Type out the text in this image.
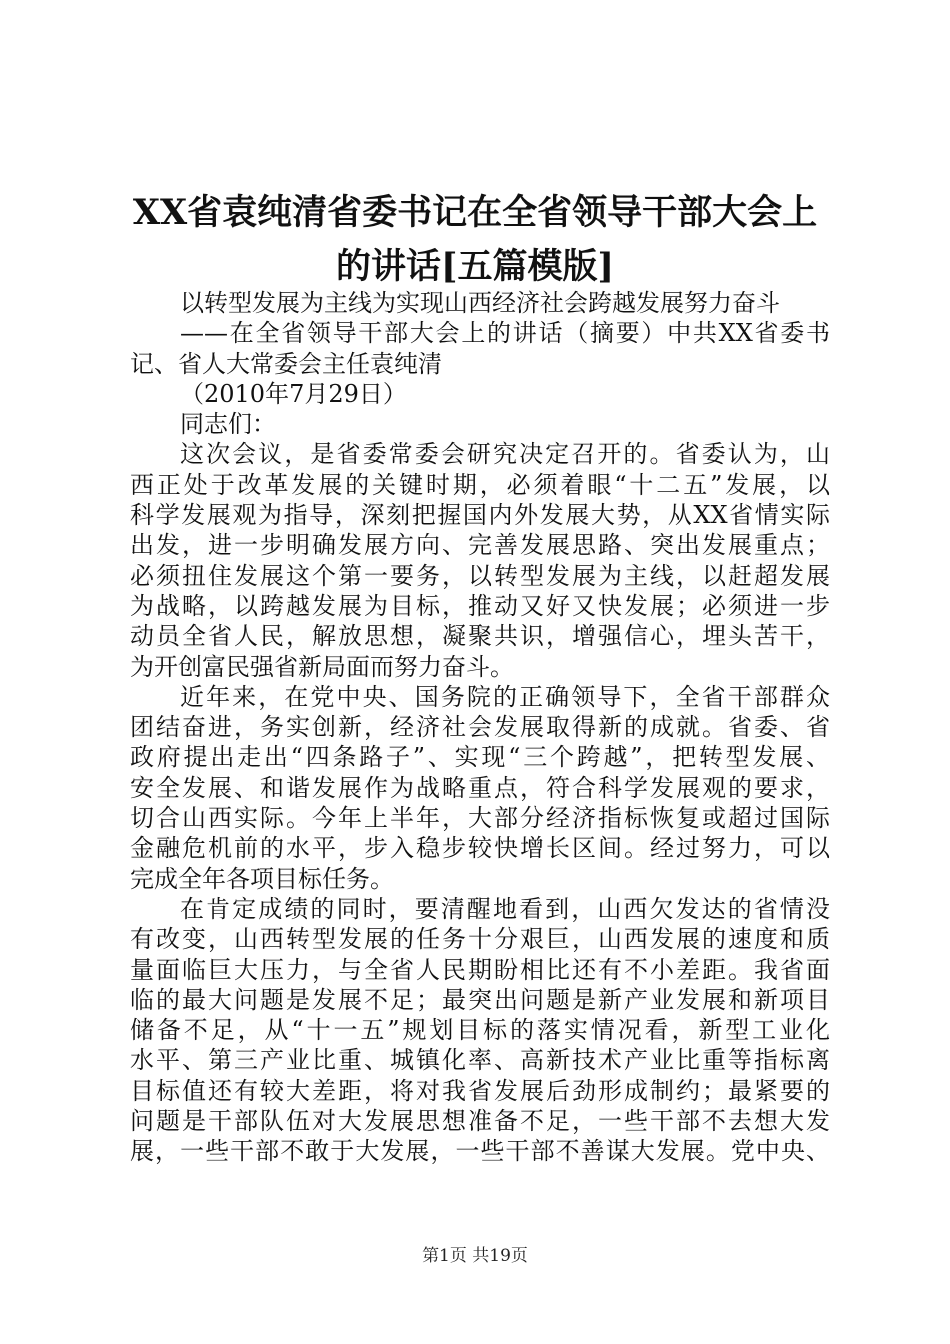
XX省袁纯清省委书记在全省领导干部大会上
的讲话[五篇模版]
以转型发展为主线为实现山西经济社会跨越发展努力奋斗
——在全省领导干部大会上的讲话（摘要）中共XX省委书
记、省人大常委会主任袁纯清
（2010年7月29日）
同志们：
这次会议，是省委常委会研究决定召开的。省委认为，山
西正处于改革发展的关键时期，必须着眼“十二五”发展，以
科学发展观为指导，深刻把握国内外发展大势，从XX省情实际
出发，进一步明确发展方向、完善发展思路、突出发展重点；
必须扭住发展这个第一要务，以转型发展为主线，以赶超发展
为战略，以跨越发展为目标，推动又好又快发展；必须进一步
动员全省人民，解放思想，凝聚共识，增强信心，埋头苦干，
为开创富民强省新局面而努力奋斗。
近年来，在党中央、国务院的正确领导下，全省干部群众
团结奋进，务实创新，经济社会发展取得新的成就。省委、省
政府提出走出“四条路子”、实现“三个跨越”，把转型发展、
安全发展、和谐发展作为战略重点，符合科学发展观的要求，
切合山西实际。今年上半年，大部分经济指标恢复或超过国际
金融危机前的水平，步入稳步较快增长区间。经过努力，可以
完成全年各项目标任务。
在肯定成绩的同时，要清醒地看到，山西欠发达的省情没
有改变，山西转型发展的任务十分艰巨，山西发展的速度和质
量面临巨大压力，与全省人民期盼相比还有不小差距。我省面
临的最大问题是发展不足；最突出问题是新产业发展和新项目
储备不足，从“十一五”规划目标的落实情况看，新型工业化
水平、第三产业比重、城镇化率、高新技术产业比重等指标离
目标值还有较大差距，将对我省发展后劲形成制约；最紧要的
问题是干部队伍对大发展思想准备不足，一些干部不去想大发
展，一些干部不敢于大发展，一些干部不善谋大发展。党中央、
第1页 共19页
